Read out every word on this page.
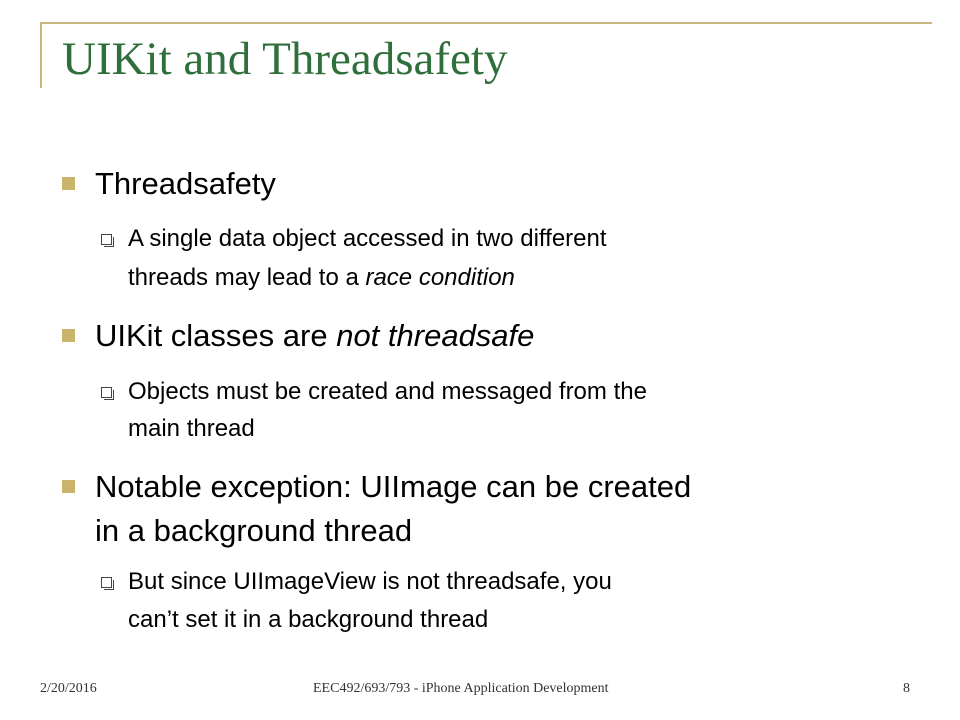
UIKit and Threadsafety
Threadsafety
A single data object accessed in two different
threads may lead to a race condition
UIKit classes are not threadsafe
Objects must be created and messaged from the
main thread
Notable exception: UIImage can be created
in a background thread
But since UIImageView is not threadsafe, you
can’t set it in a background thread
2/20/2016	EEC492/693/793 - iPhone Application Development	8
